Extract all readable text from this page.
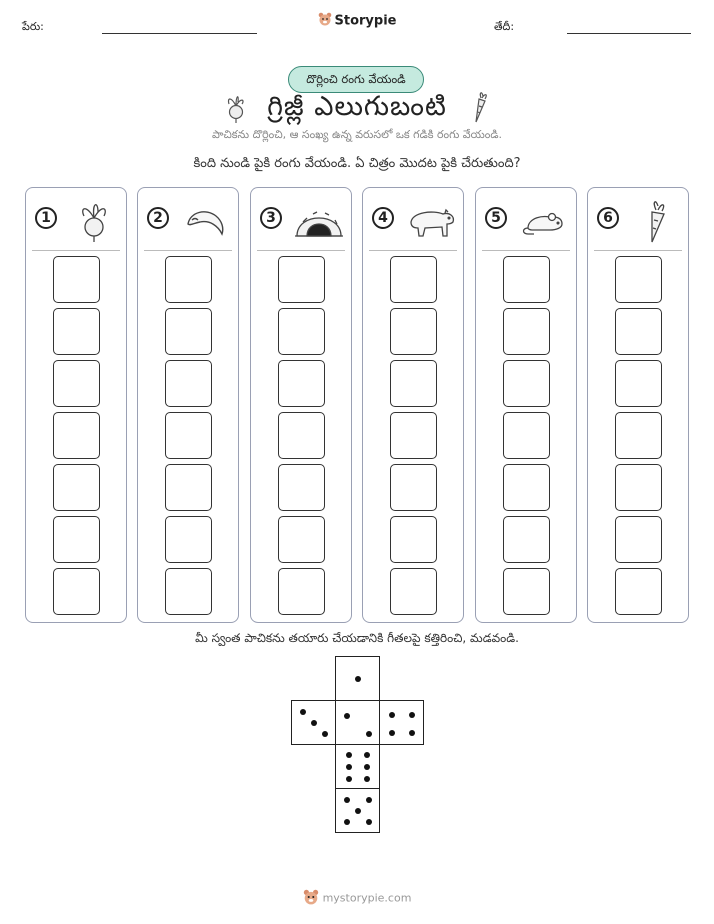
పేరు:	Storypie	తేదీ:
దొర్లించి రంగు వేయండి
గ్రిజ్లీ ఎలుగుబంటి
పాచికను దొర్లించి, ఆ సంఖ్య ఉన్న వరుసలో ఒక గడికి రంగు వేయండి.
కింది నుండి పైకి రంగు వేయండి. ఏ చిత్రం మొదట పైకి చేరుతుంది?
1	2	3	4	5	6
మీ స్వంత పాచికను తయారు చేయడానికి గీతలపై కత్తిరించి, మడవండి.
mystorypie.com
